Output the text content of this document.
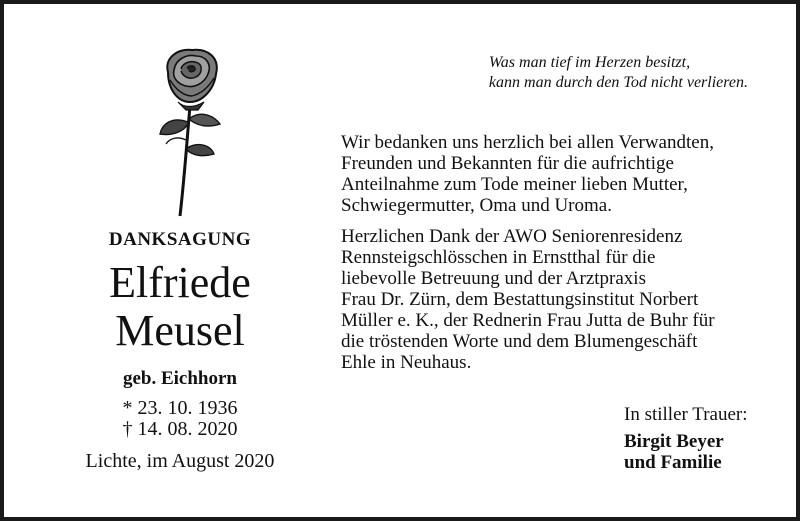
DANKSAGUNG
Elfriede
Meusel
geb. Eichhorn
* 23. 10. 1936
† 14. 08. 2020
Lichte, im August 2020
Was man tief im Herzen besitzt,
kann man durch den Tod nicht verlieren.
Wir bedanken uns herzlich bei allen Verwandten,
Freunden und Bekannten für die aufrichtige
Anteilnahme zum Tode meiner lieben Mutter,
Schwiegermutter, Oma und Uroma.
Herzlichen Dank der AWO Seniorenresidenz
Rennsteigschlösschen in Ernstthal für die
liebevolle Betreuung und der Arztpraxis
Frau Dr. Zürn, dem Bestattungsinstitut Norbert
Müller e. K., der Rednerin Frau Jutta de Buhr für
die tröstenden Worte und dem Blumengeschäft
Ehle in Neuhaus.
In stiller Trauer:
Birgit Beyer
und Familie
